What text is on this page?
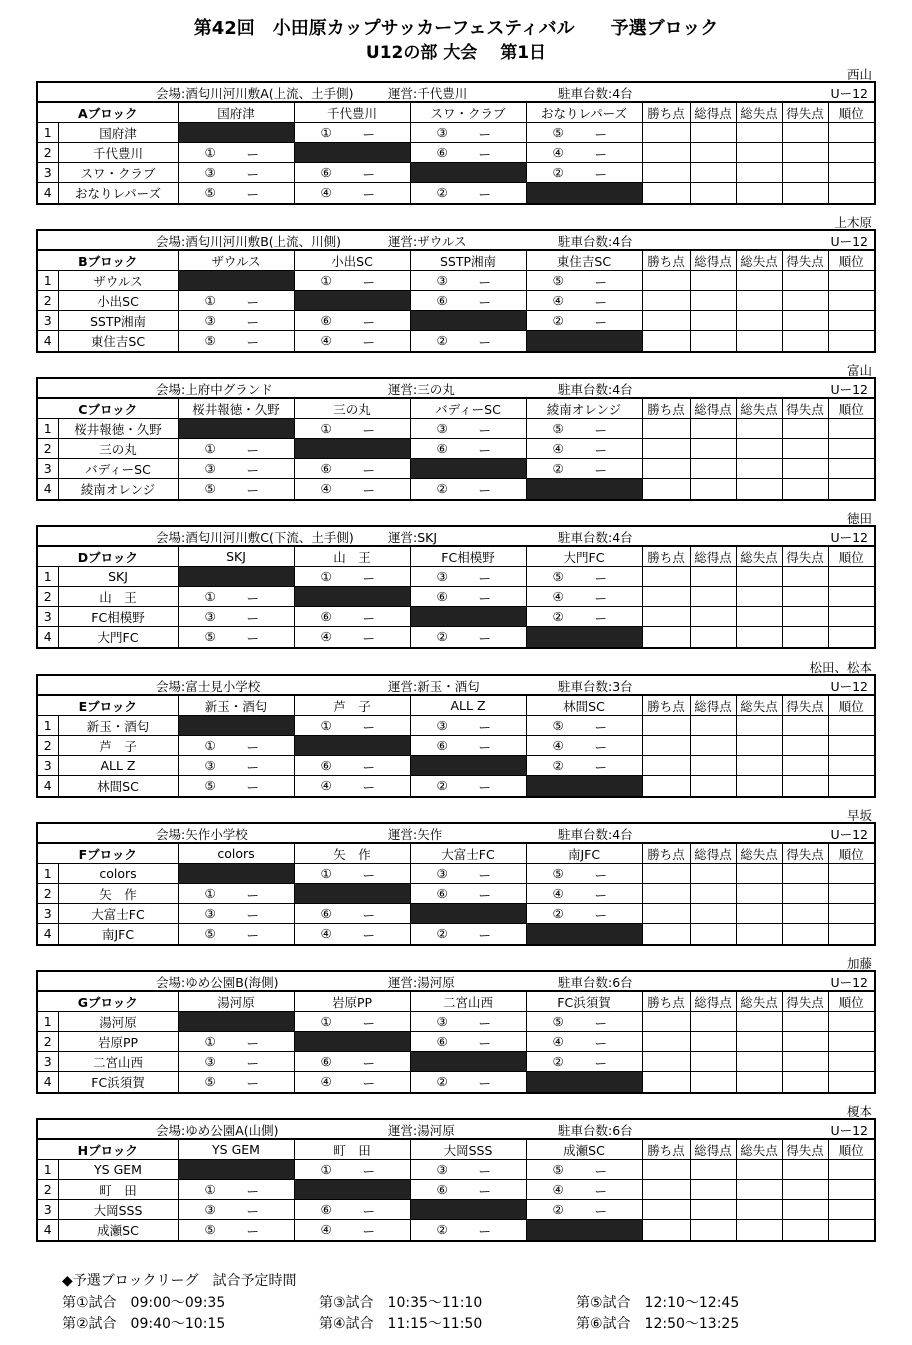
第42回　小田原カップサッカーフェスティバル　　予選ブロック
U12の部 大会　 第1日
西山
会場:酒匂川河川敷A(上流、土手側)	運営:千代豊川	駐車台数:4台	Uー12
Aブロック		国府津	千代豊川	スワ・クラブ	おなりレパーズ	勝ち点	総得点	総失点	得失点	順位
1	国府津		① ー	③ ー	⑤ ー					

2	千代豊川	① ー		⑥ ー	④ ー					

3	スワ・クラブ	③ ー	⑥ ー		② ー					

4	おなりレパーズ	⑤ ー	④ ー	② ー						

上木原
会場:酒匂川河川敷B(上流、川側)	運営:ザウルス	駐車台数:4台	Uー12
Bブロック		ザウルス	小出SC	SSTP湘南	東住吉SC	勝ち点	総得点	総失点	得失点	順位
1	ザウルス		① ー	③ ー	⑤ ー					

2	小出SC	① ー		⑥ ー	④ ー					

3	SSTP湘南	③ ー	⑥ ー		② ー					

4	東住吉SC	⑤ ー	④ ー	② ー						

富山
会場:上府中グランド	運営:三の丸	駐車台数:4台	Uー12
Cブロック		桜井報徳・久野	三の丸	バディーSC	綾南オレンジ	勝ち点	総得点	総失点	得失点	順位
1	桜井報徳・久野		① ー	③ ー	⑤ ー					

2	三の丸	① ー		⑥ ー	④ ー					

3	バディーSC	③ ー	⑥ ー		② ー					

4	綾南オレンジ	⑤ ー	④ ー	② ー						

徳田
会場:酒匂川河川敷C(下流、土手側)	運営:SKJ	駐車台数:4台	Uー12
Dブロック		SKJ	山　王	FC相模野	大門FC	勝ち点	総得点	総失点	得失点	順位
1	SKJ		① ー	③ ー	⑤ ー					

2	山　王	① ー		⑥ ー	④ ー					

3	FC相模野	③ ー	⑥ ー		② ー					

4	大門FC	⑤ ー	④ ー	② ー						

松田、松本
会場:富士見小学校	運営:新玉・酒匂	駐車台数:3台	Uー12
Eブロック		新玉・酒匂	芦　子	ALL Z	林間SC	勝ち点	総得点	総失点	得失点	順位
1	新玉・酒匂		① ー	③ ー	⑤ ー					

2	芦　子	① ー		⑥ ー	④ ー					

3	ALL Z	③ ー	⑥ ー		② ー					

4	林間SC	⑤ ー	④ ー	② ー						

早坂
会場:矢作小学校	運営:矢作	駐車台数:4台	Uー12
Fブロック		colors	矢　作	大富士FC	南JFC	勝ち点	総得点	総失点	得失点	順位
1	colors		① ー	③ ー	⑤ ー					

2	矢　作	① ー		⑥ ー	④ ー					

3	大富士FC	③ ー	⑥ ー		② ー					

4	南JFC	⑤ ー	④ ー	② ー						

加藤
会場:ゆめ公園B(海側)	運営:湯河原	駐車台数:6台	Uー12
Gブロック		湯河原	岩原PP	二宮山西	FC浜須賀	勝ち点	総得点	総失点	得失点	順位
1	湯河原		① ー	③ ー	⑤ ー					

2	岩原PP	① ー		⑥ ー	④ ー					

3	二宮山西	③ ー	⑥ ー		② ー					

4	FC浜須賀	⑤ ー	④ ー	② ー						

榎本
会場:ゆめ公園A(山側)	運営:湯河原	駐車台数:6台	Uー12
Hブロック		YS GEM	町　田	大岡SSS	成瀬SC	勝ち点	総得点	総失点	得失点	順位
1	YS GEM		① ー	③ ー	⑤ ー					

2	町　田	① ー		⑥ ー	④ ー					

3	大岡SSS	③ ー	⑥ ー		② ー					

4	成瀬SC	⑤ ー	④ ー	② ー						

◆予選ブロックリーグ　試合予定時間
第①試合　09:00～09:35
第②試合　09:40～10:15
第③試合　10:35～11:10
第④試合　11:15～11:50
第⑤試合　12:10～12:45
第⑥試合　12:50～13:25
